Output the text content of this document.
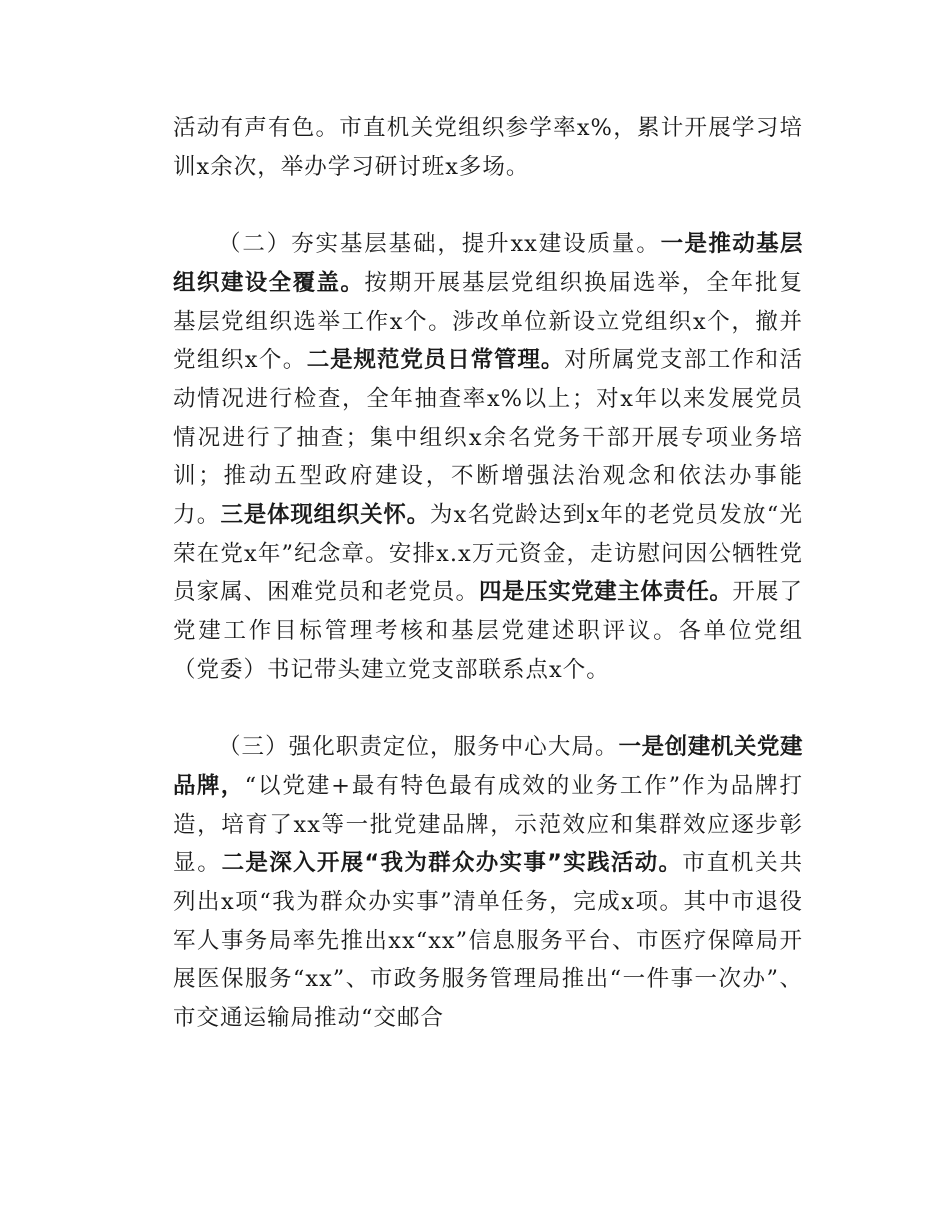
活动有声有色。市直机关党组织参学率x%，累计开展学习培训x余次，举办学习研讨班x多场。

（二）夯实基层基础，提升xx建设质量。一是推动基层组织建设全覆盖。按期开展基层党组织换届选举，全年批复基层党组织选举工作x个。涉改单位新设立党组织x个，撤并党组织x个。二是规范党员日常管理。对所属党支部工作和活动情况进行检查，全年抽查率x%以上；对x年以来发展党员情况进行了抽查；集中组织x余名党务干部开展专项业务培训；推动五型政府建设，不断增强法治观念和依法办事能力。三是体现组织关怀。为x名党龄达到x年的老党员发放“光荣在党x年”纪念章。安排x.x万元资金，走访慰问因公牺牲党员家属、困难党员和老党员。四是压实党建主体责任。开展了党建工作目标管理考核和基层党建述职评议。各单位党组（党委）书记带头建立党支部联系点x个。

（三）强化职责定位，服务中心大局。一是创建机关党建品牌，“以党建+最有特色最有成效的业务工作”作为品牌打造，培育了xx等一批党建品牌，示范效应和集群效应逐步彰显。二是深入开展“我为群众办实事”实践活动。市直机关共列出x项“我为群众办实事”清单任务，完成x项。其中市退役军人事务局率先推出xx“xx”信息服务平台、市医疗保障局开展医保服务“xx”、市政务服务管理局推出“一件事一次办”、市交通运输局推动“交邮合
